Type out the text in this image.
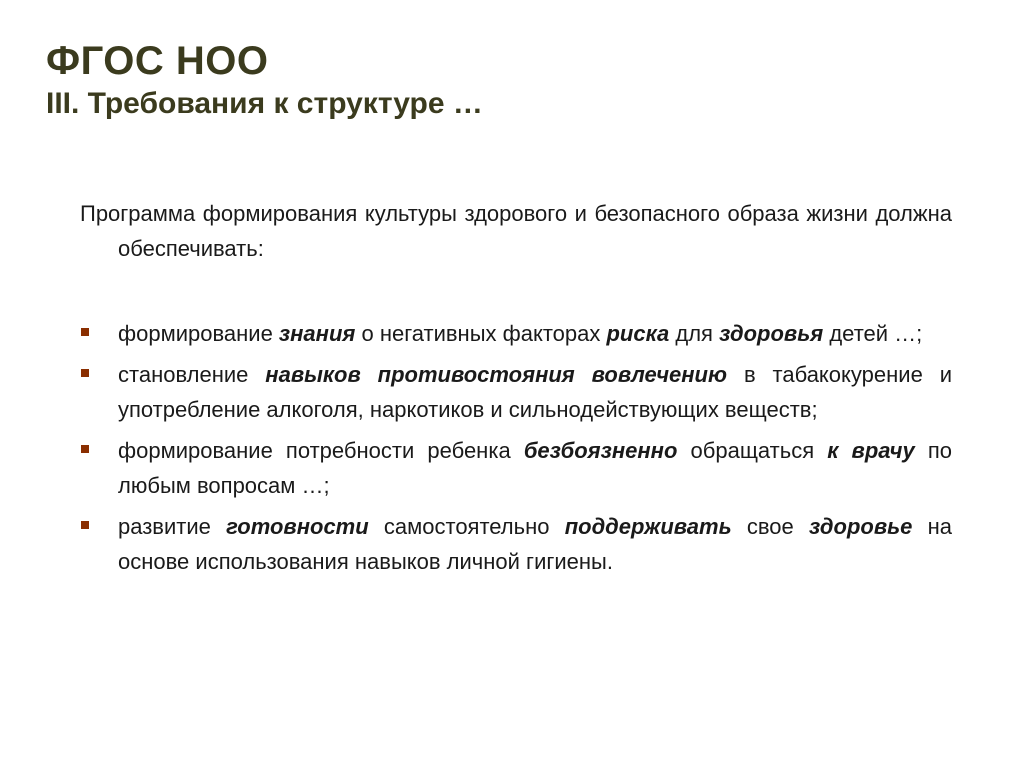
ФГОС НОО
III. Требования к структуре …

Программа формирования культуры здорового и безопасного образа жизни должна обеспечивать:

формирование знания о негативных факторах риска для здоровья детей …;
становление навыков противостояния вовлечению в табакокурение и употребление алкоголя, наркотиков и сильнодействующих веществ;
формирование потребности ребенка безбоязненно обращаться к врачу по любым вопросам …;
развитие готовности самостоятельно поддерживать свое здоровье на основе использования навыков личной гигиены.
